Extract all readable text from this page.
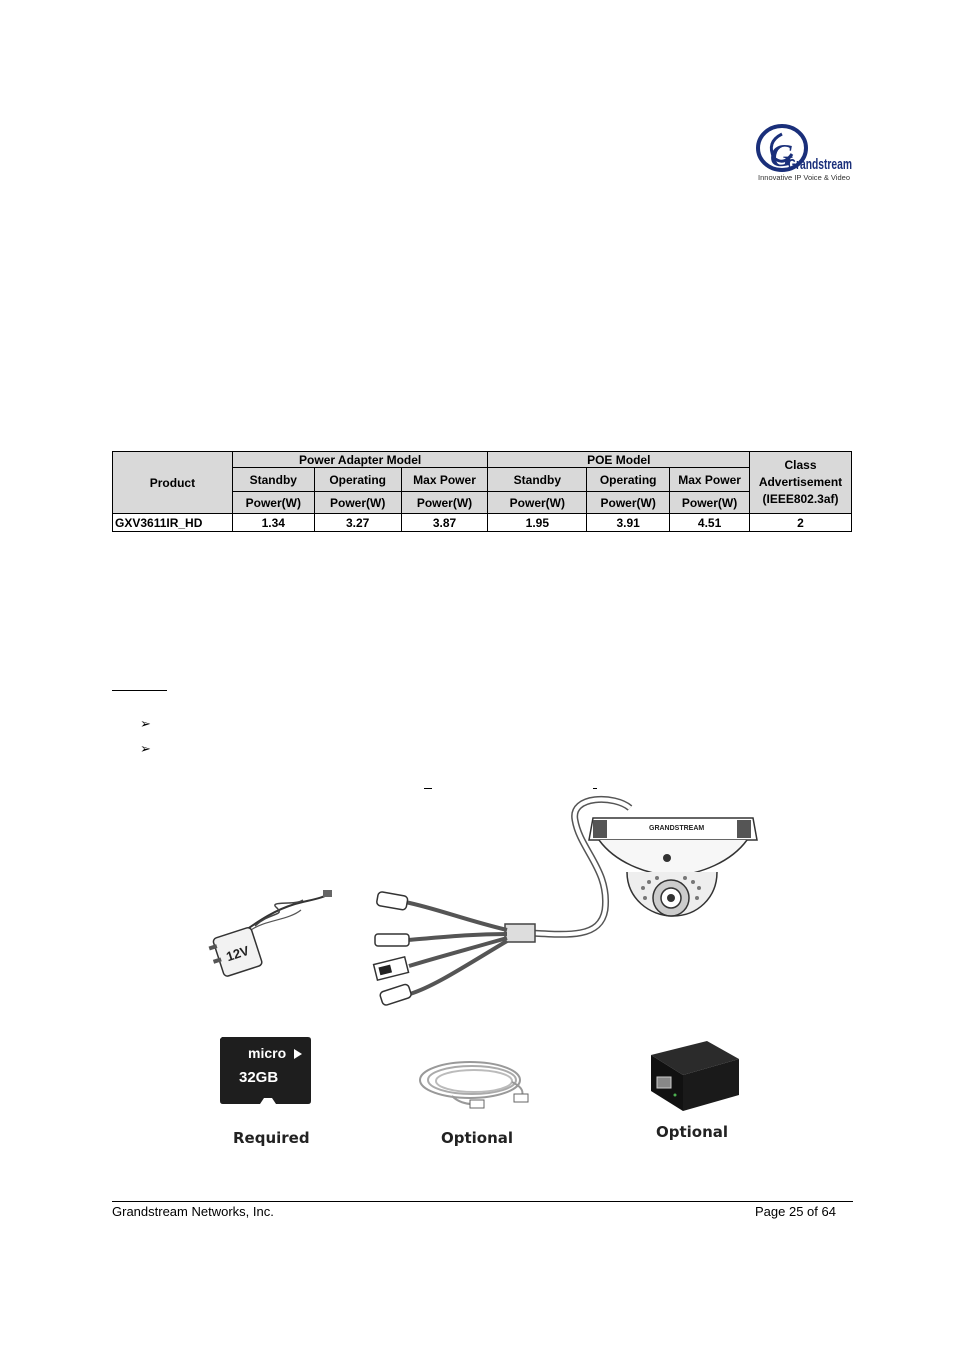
G
Grandstream
Innovative IP Voice & Video
Product	Power Adapter Model			POE Model			Class Advertisement (IEEE802.3af)
	Standby	Operating	Max Power	Standby	Operating	Max Power	
	Power(W)	Power(W)	Power(W)	Power(W)	Power(W)	Power(W)	
GXV3611IR_HD	1.34	3.27	3.87	1.95	3.91	4.51	2
➢
➢
12V
GRANDSTREAM
micro
32GB
Required	Optional	Optional
Grandstream Networks, Inc.	Page 25 of 64
